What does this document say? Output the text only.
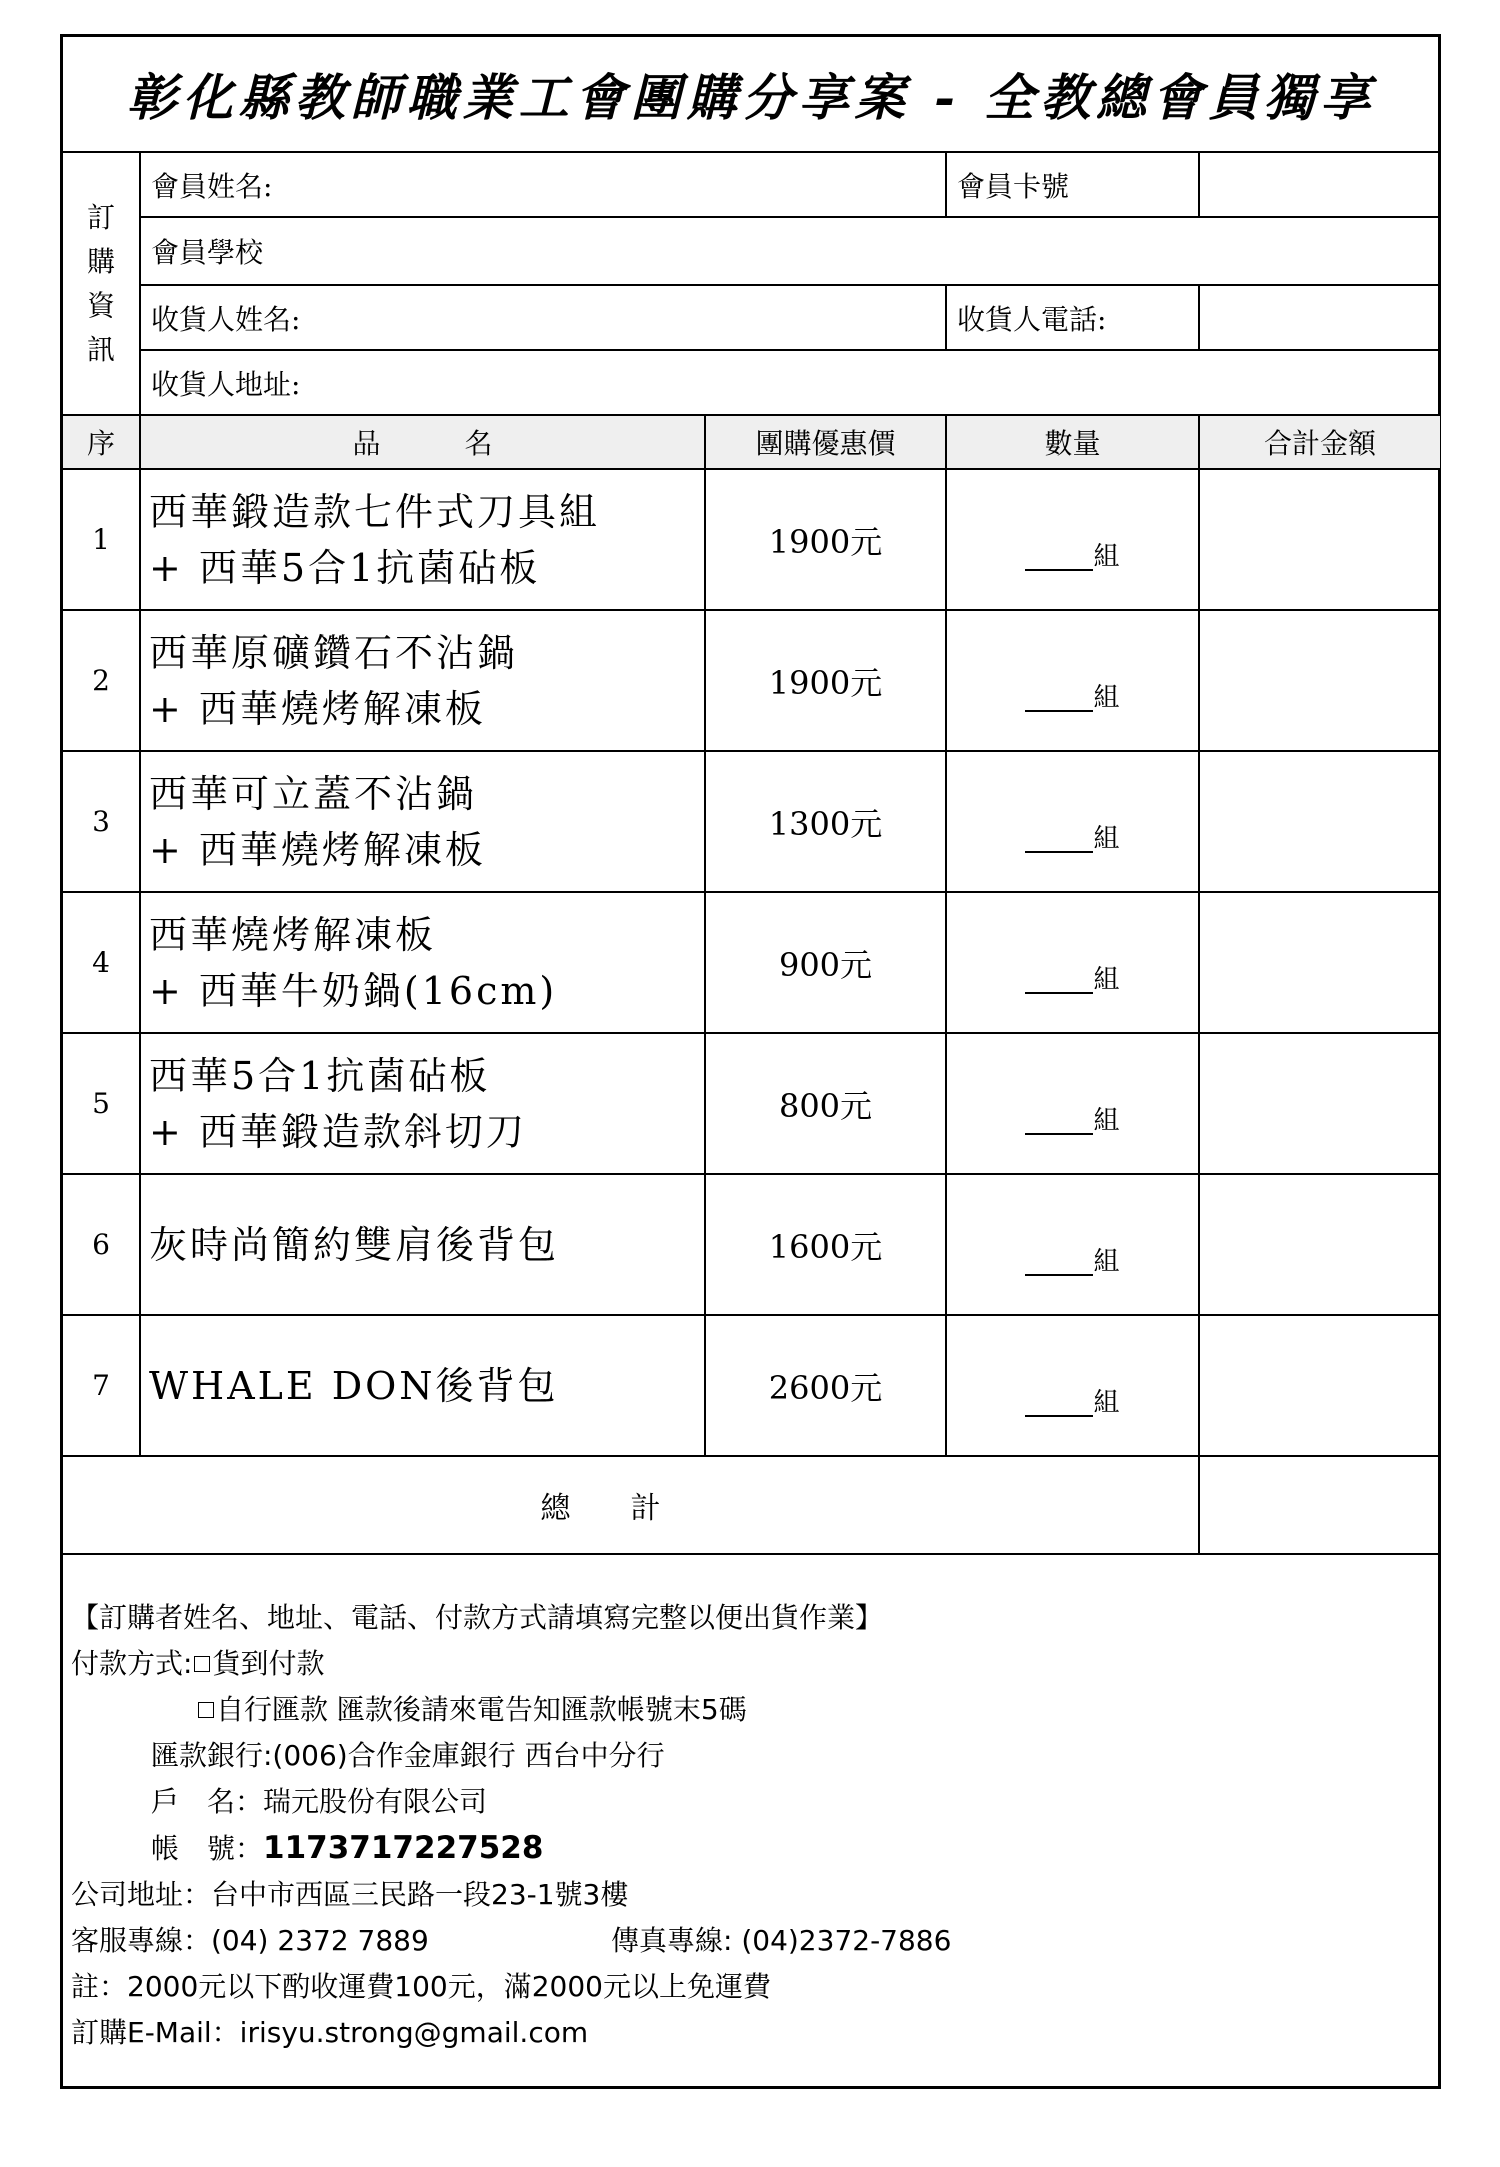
彰化縣教師職業工會團購分享案 - 全教總會員獨享				
訂購資訊	會員姓名:		會員卡號	
	會員學校			
	收貨人姓名:		收貨人電話:	
	收貨人地址:			
序	品　　　名	團購優惠價	數量	合計金額
1	西華鍛造款七件式刀具組
+ 西華5合1抗菌砧板	1900元	組	
2	西華原礦鑽石不沾鍋
+ 西華燒烤解凍板	1900元	組	
3	西華可立蓋不沾鍋
+ 西華燒烤解凍板	1300元	組	
4	西華燒烤解凍板
+ 西華牛奶鍋(16cm)	900元	組	
5	西華5合1抗菌砧板
+ 西華鍛造款斜切刀	800元	組	
6	灰時尚簡約雙肩後背包	1600元	組	
7	WHALE DON後背包	2600元	組	
總計				
【訂購者姓名、地址、電話、付款方式請填寫完整以便出貨作業】
付款方式: 貨到付款
自行匯款 匯款後請來電告知匯款帳號末5碼
匯款銀行:(006)合作金庫銀行 西台中分行
戶　名：瑞元股份有限公司
帳　號：1173717227528
公司地址：台中市西區三民路一段23-1號3樓
客服專線：(04) 2372 7889	傳真專線: (04)2372-7886
註：2000元以下酌收運費100元，滿2000元以上免運費
訂購E-Mail：irisyu.strong@gmail.com
